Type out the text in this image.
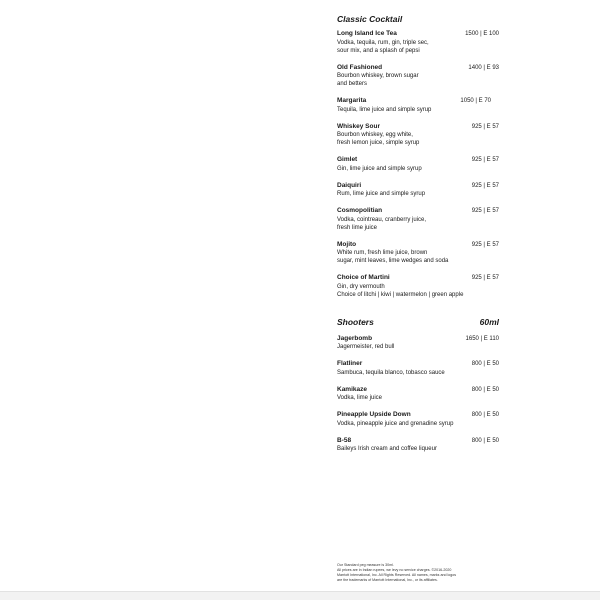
Classic Cocktail
Long Island Ice Tea	1500 | E 100
Vodka, tequila, rum, gin, triple sec,
sour mix, and a splash of pepsi
Old Fashioned	1400 | E 93
Bourbon whiskey, brown sugar
and betters
Margarita	1050 | E 70
Tequila, lime juice and simple syrup
Whiskey Sour	925 | E 57
Bourbon whiskey, egg white,
fresh lemon juice, simple syrup
Gimlet	925 | E 57
Gin, lime juice and simple syrup
Daiquiri	925 | E 57
Rum, lime juice and simple syrup
Cosmopolitian	925 | E 57
Vodka, cointreau, cranberry juice,
fresh lime juice
Mojito	925 | E 57
White rum, fresh lime juice, brown
sugar, mint leaves, lime wedges and soda
Choice of Martini	925 | E 57
Gin, dry vermouth
Choice of litchi | kiwi | watermelon | green apple
Shooters	60ml
Jagerbomb	1650 | E 110
Jagermeister, red bull
Flatliner	800 | E 50
Sambuca, tequila blanco, tobasco sauce
Kamikaze	800 | E 50
Vodka, lime juice
Pineapple Upside Down	800 | E 50
Vodka, pineapple juice and grenadine syrup
B-58	800 | E 50
Baileys Irish cream and coffee liqueur
Our Standard peg measure is 30ml.
All prices are in Indian rupees, we levy no service charges. ©2016-2020
Marriott International, Inc. All Rights Reserved. All names, marks and logos
are the trademarks of Marriott International, Inc., or its affiliates.
